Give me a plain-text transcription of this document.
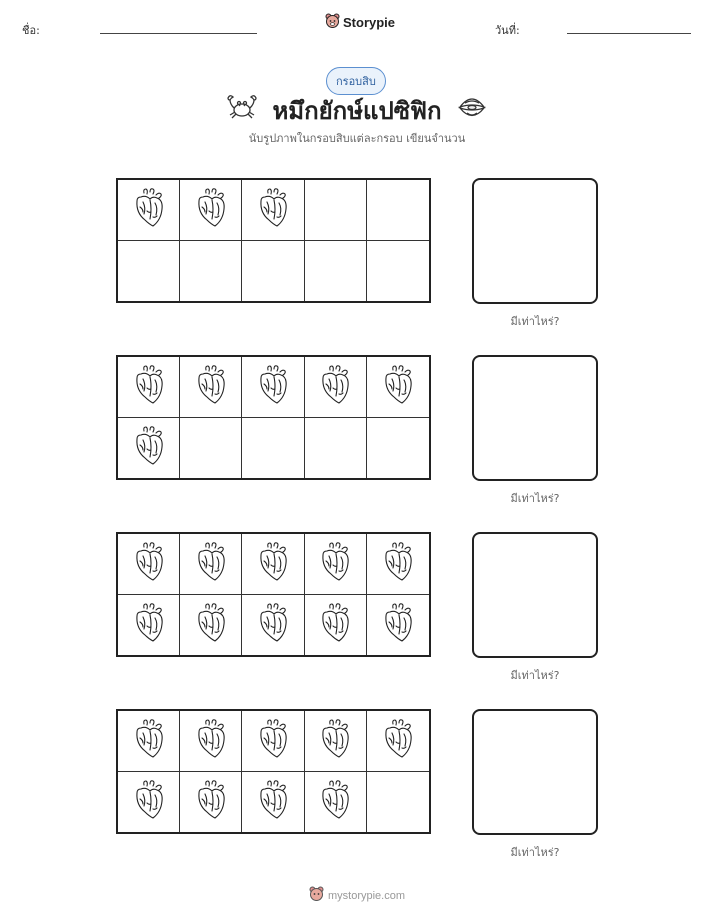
ชื่อ:
Storypie
วันที่:
กรอบสิบ
หมึกยักษ์แปซิฟิก
นับรูปภาพในกรอบสิบแต่ละกรอบ เขียนจำนวน
มีเท่าไหร่?
มีเท่าไหร่?
มีเท่าไหร่?
มีเท่าไหร่?
mystorypie.com
